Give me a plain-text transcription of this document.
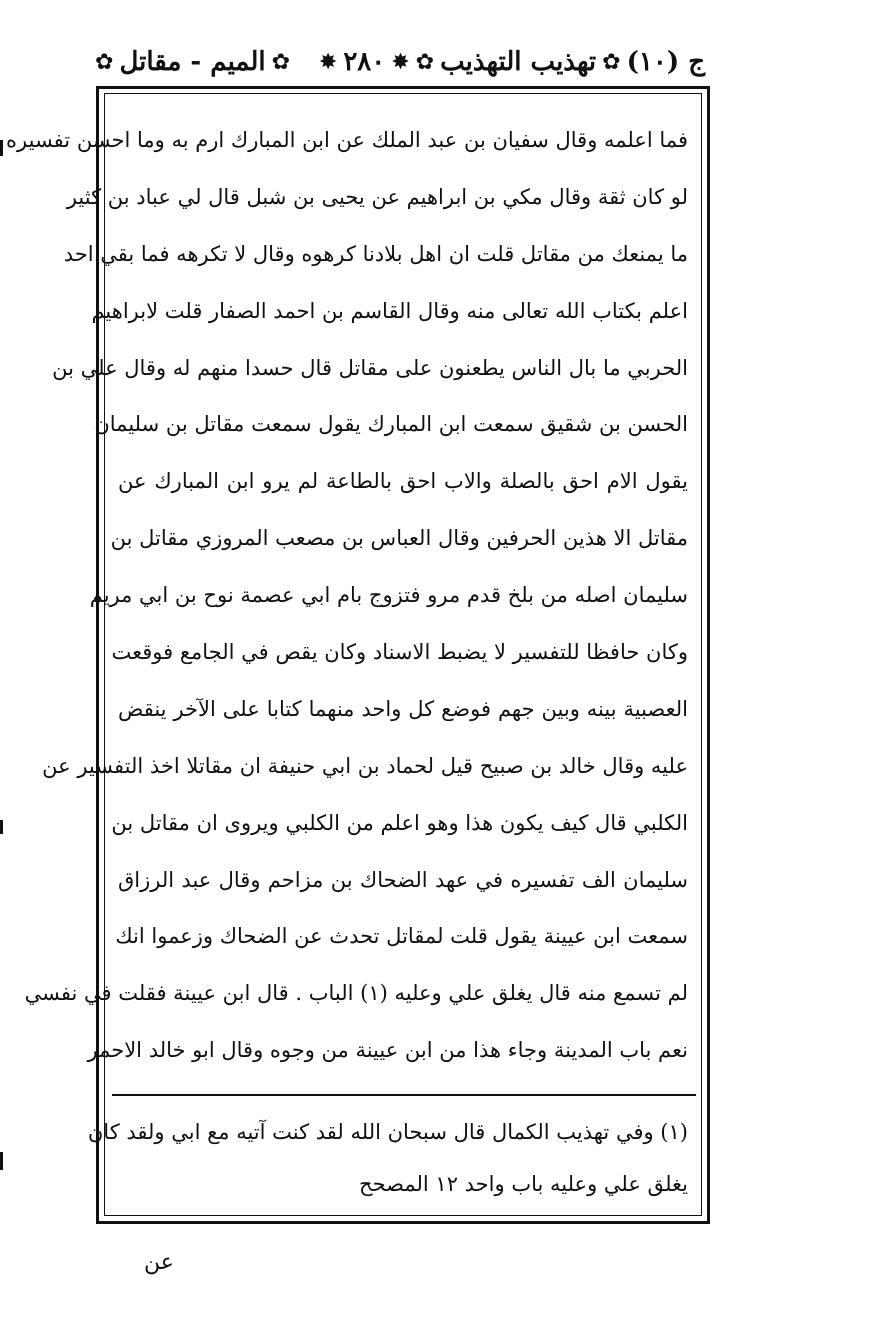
ج (١٠)
✿
تهذيب التهذيب
✿
✸
٢٨٠
✸
✿
الميم - مقاتل
✿
فما اعلمه وقال سفيان بن عبد الملك عن ابن المبارك ارم به وما احسن تفسيره
لو كان ثقة وقال مكي بن ابراهيم عن يحيى بن شبل قال لي عباد بن كثير
ما يمنعك من مقاتل قلت ان اهل بلادنا كرهوه وقال لا تكرهه فما بقي احد
اعلم بكتاب الله تعالى منه وقال القاسم بن احمد الصفار قلت لابراهيم
الحربي ما بال الناس يطعنون على مقاتل قال حسدا منهم له وقال علي بن
الحسن بن شقيق سمعت ابن المبارك يقول سمعت مقاتل بن سليمان
يقول الام احق بالصلة والاب احق بالطاعة لم يرو ابن المبارك عن
مقاتل الا هذين الحرفين وقال العباس بن مصعب المروزي مقاتل بن
سليمان اصله من بلخ قدم مرو فتزوج بام ابي عصمة نوح بن ابي مريم
وكان حافظا للتفسير لا يضبط الاسناد وكان يقص في الجامع فوقعت
العصبية بينه وبين جهم فوضع كل واحد منهما كتابا على الآخر ينقض
عليه وقال خالد بن صبيح قيل لحماد بن ابي حنيفة ان مقاتلا اخذ التفسير عن
الكلبي قال كيف يكون هذا وهو اعلم من الكلبي ويروى ان مقاتل بن
سليمان الف تفسيره في عهد الضحاك بن مزاحم وقال عبد الرزاق
سمعت ابن عيينة يقول قلت لمقاتل تحدث عن الضحاك وزعموا انك
لم تسمع منه قال يغلق علي وعليه (١) الباب . قال ابن عيينة فقلت في نفسي
نعم باب المدينة وجاء هذا من ابن عيينة من وجوه وقال ابو خالد الاحمر
(١) وفي تهذيب الكمال قال سبحان الله لقد كنت آتيه مع ابي ولقد كان
يغلق علي وعليه باب واحد ١٢ المصحح
عن
